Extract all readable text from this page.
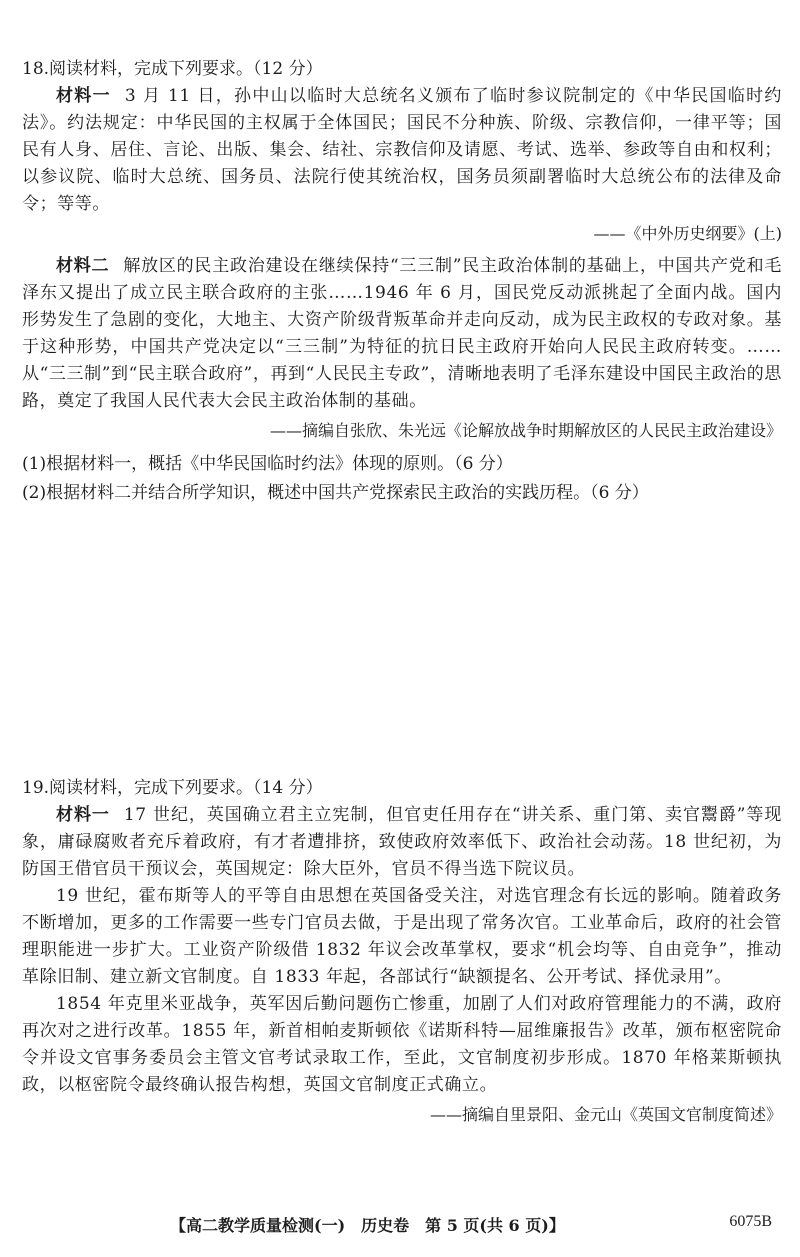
18.阅读材料，完成下列要求。（12 分）

材料一 3 月 11 日，孙中山以临时大总统名义颁布了临时参议院制定的《中华民国临时约法》。约法规定：中华民国的主权属于全体国民；国民不分种族、阶级、宗教信仰，一律平等；国民有人身、居住、言论、出版、集会、结社、宗教信仰及请愿、考试、选举、参政等自由和权利；以参议院、临时大总统、国务员、法院行使其统治权，国务员须副署临时大总统公布的法律及命令；等等。

——《中外历史纲要》(上)

材料二 解放区的民主政治建设在继续保持“三三制”民主政治体制的基础上，中国共产党和毛泽东又提出了成立民主联合政府的主张……1946 年 6 月，国民党反动派挑起了全面内战。国内形势发生了急剧的变化，大地主、大资产阶级背叛革命并走向反动，成为民主政权的专政对象。基于这种形势，中国共产党决定以“三三制”为特征的抗日民主政府开始向人民民主政府转变。……从“三三制”到“民主联合政府”，再到“人民民主专政”，清晰地表明了毛泽东建设中国民主政治的思路，奠定了我国人民代表大会民主政治体制的基础。

——摘编自张欣、朱光远《论解放战争时期解放区的人民民主政治建设》

(1)根据材料一，概括《中华民国临时约法》体现的原则。（6 分）

(2)根据材料二并结合所学知识，概述中国共产党探索民主政治的实践历程。（6 分）

19.阅读材料，完成下列要求。（14 分）

材料一 17 世纪，英国确立君主立宪制，但官吏任用存在“讲关系、重门第、卖官鬻爵”等现象，庸碌腐败者充斥着政府，有才者遭排挤，致使政府效率低下、政治社会动荡。18 世纪初，为防国王借官员干预议会，英国规定：除大臣外，官员不得当选下院议员。

19 世纪，霍布斯等人的平等自由思想在英国备受关注，对选官理念有长远的影响。随着政务不断增加，更多的工作需要一些专门官员去做，于是出现了常务次官。工业革命后，政府的社会管理职能进一步扩大。工业资产阶级借 1832 年议会改革掌权，要求“机会均等、自由竞争”，推动革除旧制、建立新文官制度。自 1833 年起，各部试行“缺额提名、公开考试、择优录用”。

1854 年克里米亚战争，英军因后勤问题伤亡惨重，加剧了人们对政府管理能力的不满，政府再次对之进行改革。1855 年，新首相帕麦斯顿依《诺斯科特—屈维廉报告》改革，颁布枢密院命令并设文官事务委员会主管文官考试录取工作，至此，文官制度初步形成。1870 年格莱斯顿执政，以枢密院令最终确认报告构想，英国文官制度正式确立。

——摘编自里景阳、金元山《英国文官制度简述》

【高二教学质量检测(一)　历史卷　第 5 页(共 6 页)】	6075B
